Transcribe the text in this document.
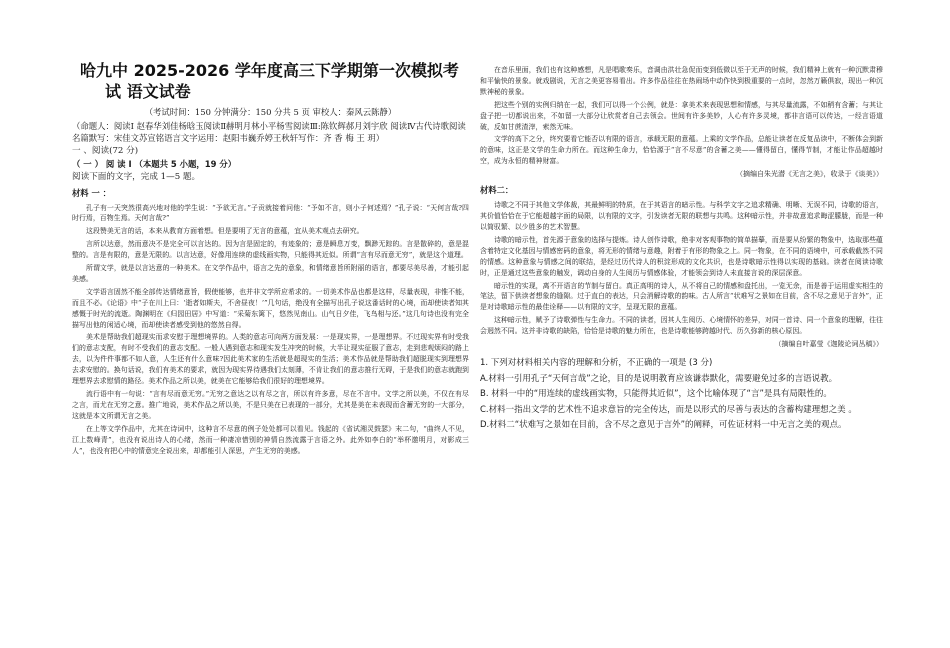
哈九中 2025-2026 学年度高三下学期第一次模拟考
试 语文试卷

（考试时间：150 分钟满分：150 分共 5 页 审校人：秦风云陈静）

（命题人：阅读Ⅰ 赵春华刘佳杨晗玉阅读Ⅱ赫明月林小平杨雪阅读Ⅲ:陈钦辉郝月刘宇欣 阅读Ⅳ古代诗歌阅读名篇默写：宋佳文苏宣铭语言文字运用：赵阳韦巍乔婷王秋轩写作：齐 香 梅 王 玥）

一 、阅读(72 分)

（ 一 ） 阅 读 Ⅰ （本题共 5 小题，19 分）

阅读下面的文字，完成 1—5 题。

材料 一 ：

孔子有一天突然很高兴地对他的学生说：“予欲无言。”子贡就接着问他：“予如不言，则小子何述焉？”孔子说：“天何言哉?四时行焉，百物生焉。天何言哉?”

这段赞美无言的话，本来从教育方面着想。但是要明了无言的意蕴，宜从美术观点去研究。

言所以达意，然而意决不是完全可以言达的。因为言是固定的，有迹象的；意是瞬息万变，飘渺无踪的。言是散碎的，意是混整的。言是有限的，意是无限的。以言达意，好像用连续的虚线画实物，只能得其近似。所谓“言有尽而意无穷”，就是这个道理。

所谓文学，就是以言达意的一种美术。在文学作品中，语言之先的意象，和情绪意旨所附丽的语言，都要尽美尽善，才能引起美感。

文学语言固然不能全部传达情绪意旨，假使能够，也并非文学所应希求的。一切美术作品也都是这样，尽量表现，非惟不能，而且不必。《论语》中“子在川上曰：‘逝者如斯夫，不舍昼夜！’”几句话，绝没有全描写出孔子说这番话时的心境，而却使读者知其感慨于时光的流逝。陶渊明在《归园田居》中写道：“采菊东篱下，悠然见南山。山气日夕佳，飞鸟相与还。”这几句诗也没有完全描写出他的闲适心境，而却使读者感受到他的悠然自得。

美术是帮助我们超现实而求安慰于理想境界的。人类的意志可向两方面发展：一是现实界，一是理想界。不过现实界有时受我们的意志支配，有时不受我们的意志支配。一般人遇到意志和现实发生冲突的时候，大半让现实征服了意志，走到悲观烦闷的路上去，以为件件事都不如人意，人生还有什么意味?因此美术家的生活就是超现实的生活；美术作品就是帮助我们超脱现实到理想界去求安慰的。换句话说，我们有美术的要求，就因为现实界待遇我们太刻薄，不肯让我们的意志推行无碍，于是我们的意志就跑到理想界去求慰情的路径。美术作品之所以美，就美在它能够给我们很好的理想境界。

流行语中有一句说：“言有尽而意无穷。”无穷之意达之以有尽之言，所以有许多意，尽在不言中。文学之所以美，不仅在有尽之言，而尤在无穷之意。推广地说，美术作品之所以美，不是只美在已表现的一部分，尤其是美在未表现而含蓄无穷的一大部分，这就是本文所谓无言之美。

在上等文学作品中，尤其在诗词中，这种言不尽意的例子处处都可以看见。钱起的《省试湘灵鼓瑟》末二句，“曲终人不见，江上数峰青”，也没有说出诗人的心绪，然而一种凄凉惜别的神情自然流露于言语之外。此外如李白的“举杯邀明月，对影成三人”，也没有把心中的情意完全说出来，却都能引人深思，产生无穷的美感。

在音乐里面，我们也有这种感想，凡是唱歌奏乐，音调由洪壮急促而变到低微以至于无声的时候，我们精神上就有一种沉默肃穆和平愉快的景象。就戏剧说，无言之美更容易看出。许多作品往往在热闹场中动作快到极重要的一点时，忽然万籁俱寂，现出一种沉默神秘的景象。

把这些个别的实例归纳在一起，我们可以得一个公例，就是：拿美术来表现思想和情感，与其尽量流露，不如稍有含蓄；与其让盘子把一切都说出来，不如留一大部分让欣赏者自己去领会。世间有许多美妙，人心有许多灵境，都非言语可以传达，一经言语道破，反如甘蔗渣滓，索然无味。

文学的高下之分，终究要看它能否以有限的语言，承载无限的意蕴。上乘的文学作品，总能让读者在反复品读中，不断体会到新的意味，这正是文学的生命力所在。而这种生命力，恰恰源于“言不尽意”的含蓄之美——懂得留白，懂得节制，才能让作品超越时空，成为永恒的精神财富。

（摘编自朱光潜《无言之美》，收录于《谈美》）

材料二：

诗歌之不同于其他文学体裁，其最鲜明的特质，在于其语言的暗示性。与科学文字之追求精确、明晰、无误不同，诗歌的语言，其价值恰恰在于它能超越字面的局限，以有限的文字，引发读者无限的联想与共鸣。这种暗示性，并非故意追求晦涩朦胧，而是一种以简驭繁、以少胜多的艺术智慧。

诗歌的暗示性，首先源于意象的选择与提炼。诗人创作诗歌，绝非对客观事物的简单描摹，而是要从纷繁的物象中，选取那些蕴含着特定文化基因与情感密码的意象，将无形的情绪与意趣，附着于有形的物象之上。同一物象，在不同的语境中，可承载截然不同的情感。这种意象与情感之间的联结，是经过历代诗人的积淀形成的文化共识，也是诗歌暗示性得以实现的基础。读者在阅读诗歌时，正是通过这些意象的触发，调动自身的人生阅历与情感体验，才能领会到诗人未直接言说的深层深意。

暗示性的实现，离不开语言的节制与留白。真正高明的诗人，从不将自己的情感和盘托出，一览无余，而是善于运用虚实相生的笔法，留下供读者想象的缝隙。过于直白的表达，只会消解诗歌的韵味。古人所言“状难写之景如在目前，含不尽之意见于言外”，正是对诗歌暗示性的最佳诠释——以有限的文字，呈现无限的意蕴。

这种暗示性，赋予了诗歌弹性与生命力。不同的读者，因其人生阅历、心境情怀的差异，对同一首诗、同一个意象的理解，往往会迥然不同。这并非诗歌的缺陷，恰恰是诗歌的魅力所在，也是诗歌能够跨越时代、历久弥新的核心原因。

（摘编自叶嘉莹《迦陵论词丛稿》）

1. 下列对材料相关内容的理解和分析，不正确的一项是 (3 分)

A.材料一引用孔子“天何言哉”之论，目的是说明教育应该谦恭默化，需要避免过多的言语说教。

B. 材料一中的“用连续的虚线画实物，只能得其近似”，这个比喻体现了“言”是具有局限性的。

C.材料一指出文学的艺术性不追求意旨的完全传达，而是以形式的尽善与表达的含蓄构建理想之美 。

D.材料二“状难写之景如在目前，含不尽之意见于言外”的阐释，可佐证材料一中无言之美的观点。
